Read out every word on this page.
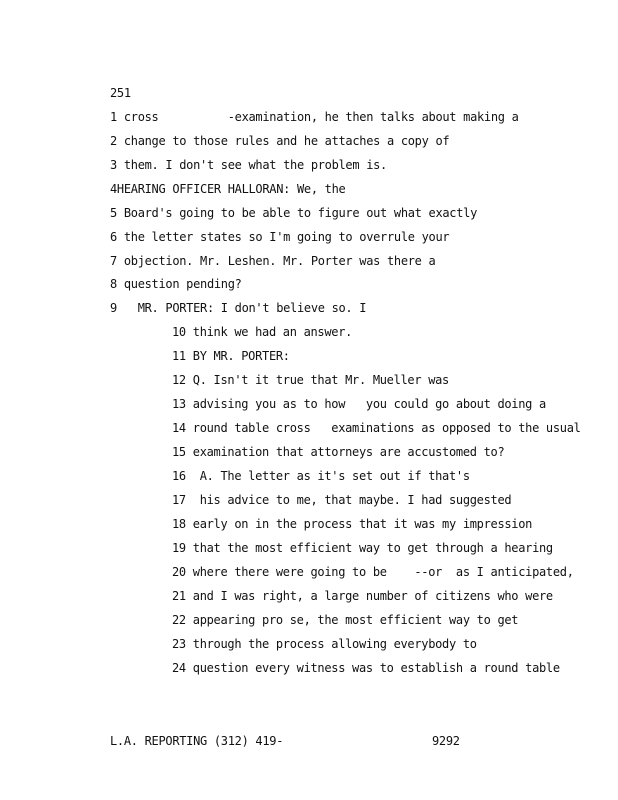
251
1 cross          -examination, he then talks about making a
2 change to those rules and he attaches a copy of
3 them. I don't see what the problem is.
4HEARING OFFICER HALLORAN: We, the
5 Board's going to be able to figure out what exactly
6 the letter states so I'm going to overrule your
7 objection. Mr. Leshen. Mr. Porter was there a
8 question pending?
9   MR. PORTER: I don't believe so. I
10 think we had an answer.
11 BY MR. PORTER:
12 Q. Isn't it true that Mr. Mueller was
13 advising you as to how   you could go about doing a
14 round table cross   examinations as opposed to the usual
15 examination that attorneys are accustomed to?
16  A. The letter as it's set out if that's
17  his advice to me, that maybe. I had suggested
18 early on in the process that it was my impression
19 that the most efficient way to get through a hearing
20 where there were going to be    --or  as I anticipated,
21 and I was right, a large number of citizens who were
22 appearing pro se, the most efficient way to get
23 through the process allowing everybody to
24 question every witness was to establish a round table
L.A. REPORTING (312) 419-	9292
